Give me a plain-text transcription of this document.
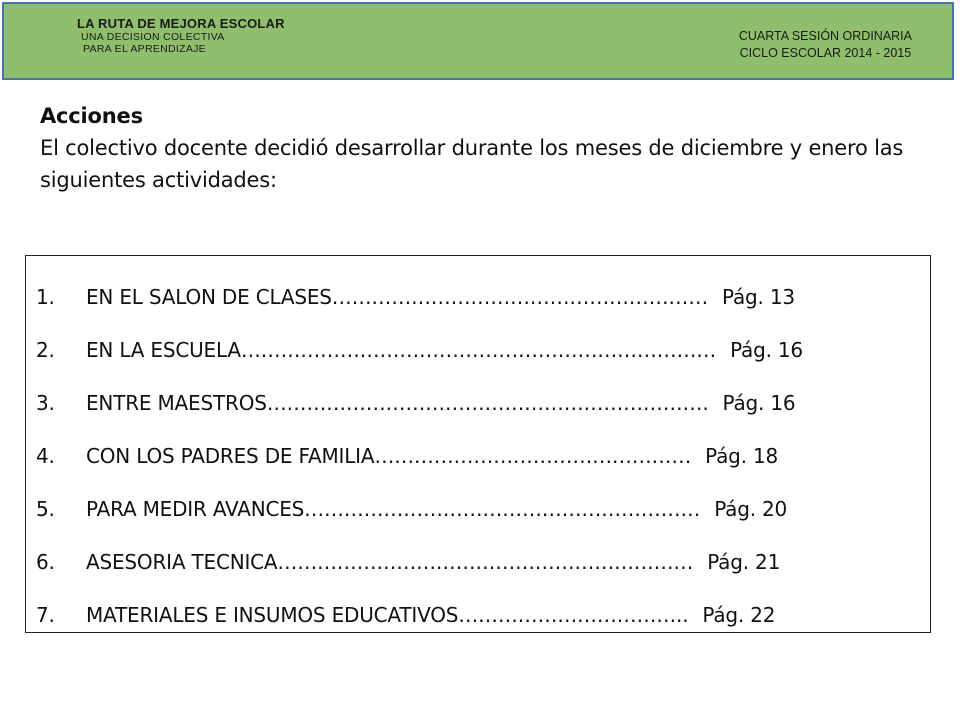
LA RUTA DE MEJORA ESCOLAR
UNA DECISION COLECTIVA
PARA EL APRENDIZAJE
CUARTA SESIÓN ORDINARIA
CICLO ESCOLAR 2014 - 2015
Acciones
El colectivo docente decidió desarrollar durante los meses de diciembre y enero las siguientes actividades:
1.	EN EL SALON DE CLASES………………………………………………… Pág. 13
2.	EN LA ESCUELA……………………………………………………………… Pág. 16
3.	ENTRE MAESTROS…………………………………………………………. Pág. 16
4.	CON LOS PADRES DE FAMILIA………………………………………… Pág. 18
5.	PARA MEDIR AVANCES…………………………………………………… Pág. 20
6.	ASESORIA TECNICA……………………………………………………… Pág. 21
7.	MATERIALES E INSUMOS EDUCATIVOS…………………………….. Pág. 22
